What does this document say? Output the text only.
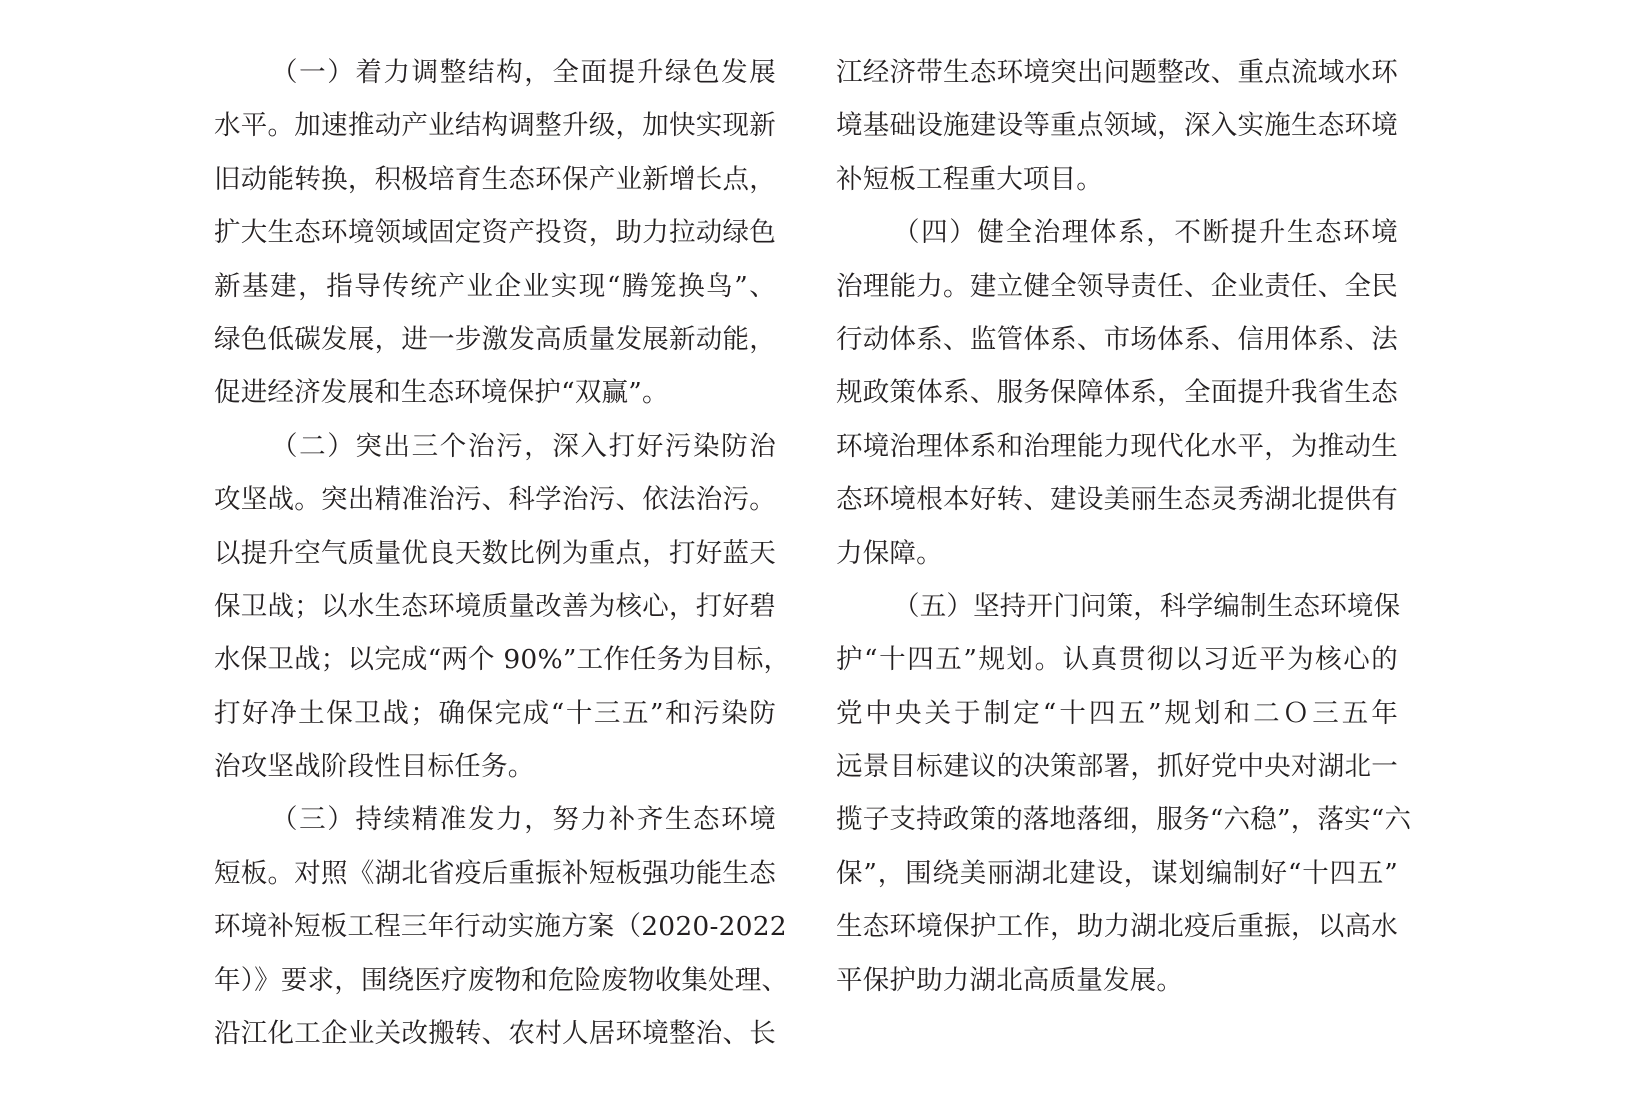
（一）着力调整结构，全面提升绿色发展
水平。加速推动产业结构调整升级，加快实现新
旧动能转换，积极培育生态环保产业新增长点，
扩大生态环境领域固定资产投资，助力拉动绿色
新基建，指导传统产业企业实现“腾笼换鸟”、
绿色低碳发展，进一步激发高质量发展新动能，
促进经济发展和生态环境保护“双赢”。
（二）突出三个治污，深入打好污染防治
攻坚战。突出精准治污、科学治污、依法治污。
以提升空气质量优良天数比例为重点，打好蓝天
保卫战；以水生态环境质量改善为核心，打好碧
水保卫战；以完成“两个 90%”工作任务为目标，
打好净土保卫战；确保完成“十三五”和污染防
治攻坚战阶段性目标任务。
（三）持续精准发力，努力补齐生态环境
短板。对照《湖北省疫后重振补短板强功能生态
环境补短板工程三年行动实施方案（2020-2022
年）》要求，围绕医疗废物和危险废物收集处理、
沿江化工企业关改搬转、农村人居环境整治、长
江经济带生态环境突出问题整改、重点流域水环
境基础设施建设等重点领域，深入实施生态环境
补短板工程重大项目。
（四）健全治理体系，不断提升生态环境
治理能力。建立健全领导责任、企业责任、全民
行动体系、监管体系、市场体系、信用体系、法
规政策体系、服务保障体系，全面提升我省生态
环境治理体系和治理能力现代化水平，为推动生
态环境根本好转、建设美丽生态灵秀湖北提供有
力保障。
（五）坚持开门问策，科学编制生态环境保
护“十四五”规划。认真贯彻以习近平为核心的
党中央关于制定“十四五”规划和二Ｏ三五年
远景目标建议的决策部署，抓好党中央对湖北一
揽子支持政策的落地落细，服务“六稳”，落实“六
保”，围绕美丽湖北建设，谋划编制好“十四五”
生态环境保护工作，助力湖北疫后重振，以高水
平保护助力湖北高质量发展。
